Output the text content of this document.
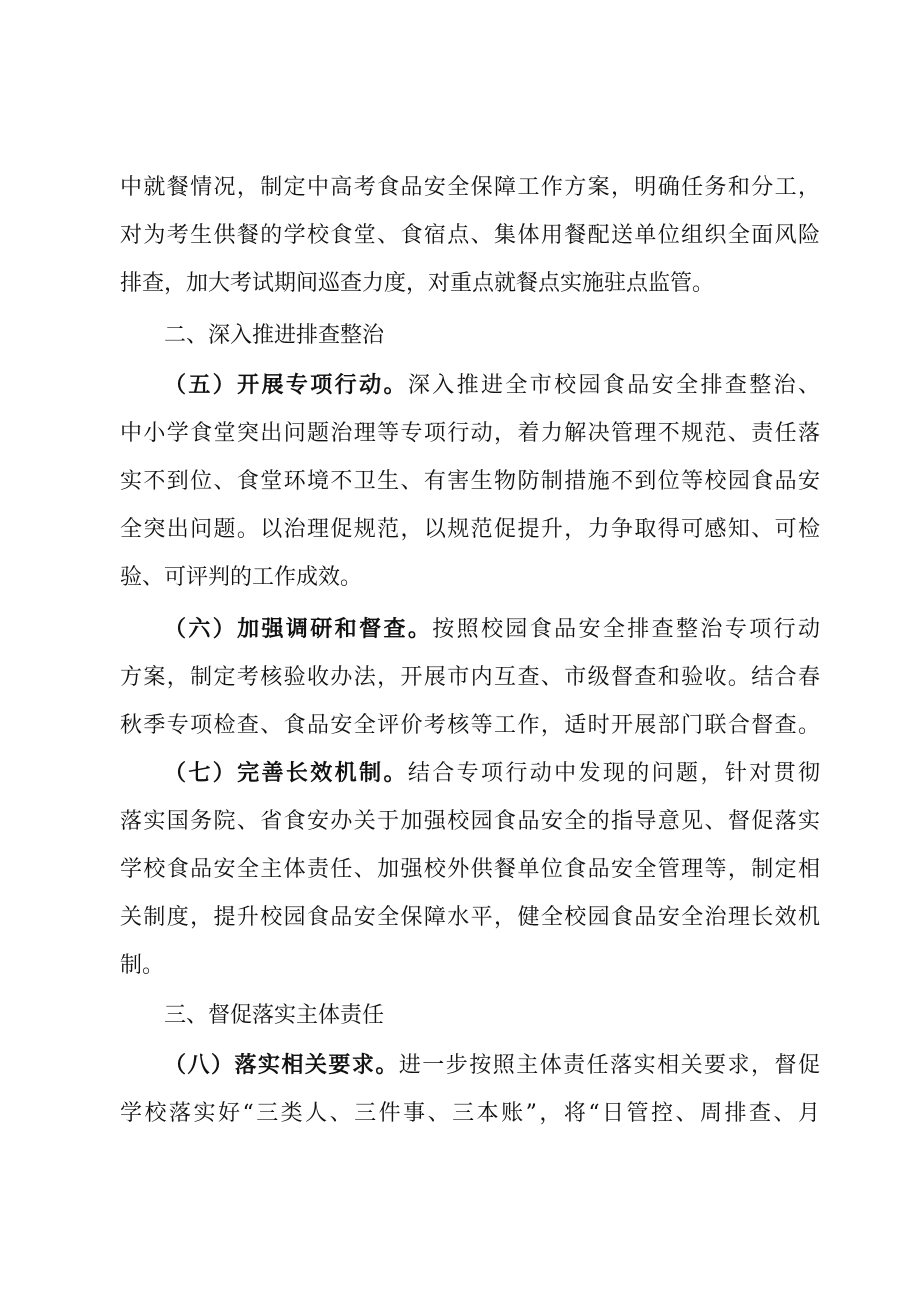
中就餐情况，制定中高考食品安全保障工作方案，明确任务和分工，
对为考生供餐的学校食堂、食宿点、集体用餐配送单位组织全面风险
排查，加大考试期间巡查力度，对重点就餐点实施驻点监管。
二、深入推进排查整治
（五）开展专项行动。深入推进全市校园食品安全排查整治、
中小学食堂突出问题治理等专项行动，着力解决管理不规范、责任落
实不到位、食堂环境不卫生、有害生物防制措施不到位等校园食品安
全突出问题。以治理促规范，以规范促提升，力争取得可感知、可检
验、可评判的工作成效。
（六）加强调研和督查。按照校园食品安全排查整治专项行动
方案，制定考核验收办法，开展市内互查、市级督查和验收。结合春
秋季专项检查、食品安全评价考核等工作，适时开展部门联合督查。
（七）完善长效机制。结合专项行动中发现的问题，针对贯彻
落实国务院、省食安办关于加强校园食品安全的指导意见、督促落实
学校食品安全主体责任、加强校外供餐单位食品安全管理等，制定相
关制度，提升校园食品安全保障水平，健全校园食品安全治理长效机
制。
三、督促落实主体责任
（八）落实相关要求。进一步按照主体责任落实相关要求，督促
学校落实好“三类人、三件事、三本账”，将“日管控、周排查、月
